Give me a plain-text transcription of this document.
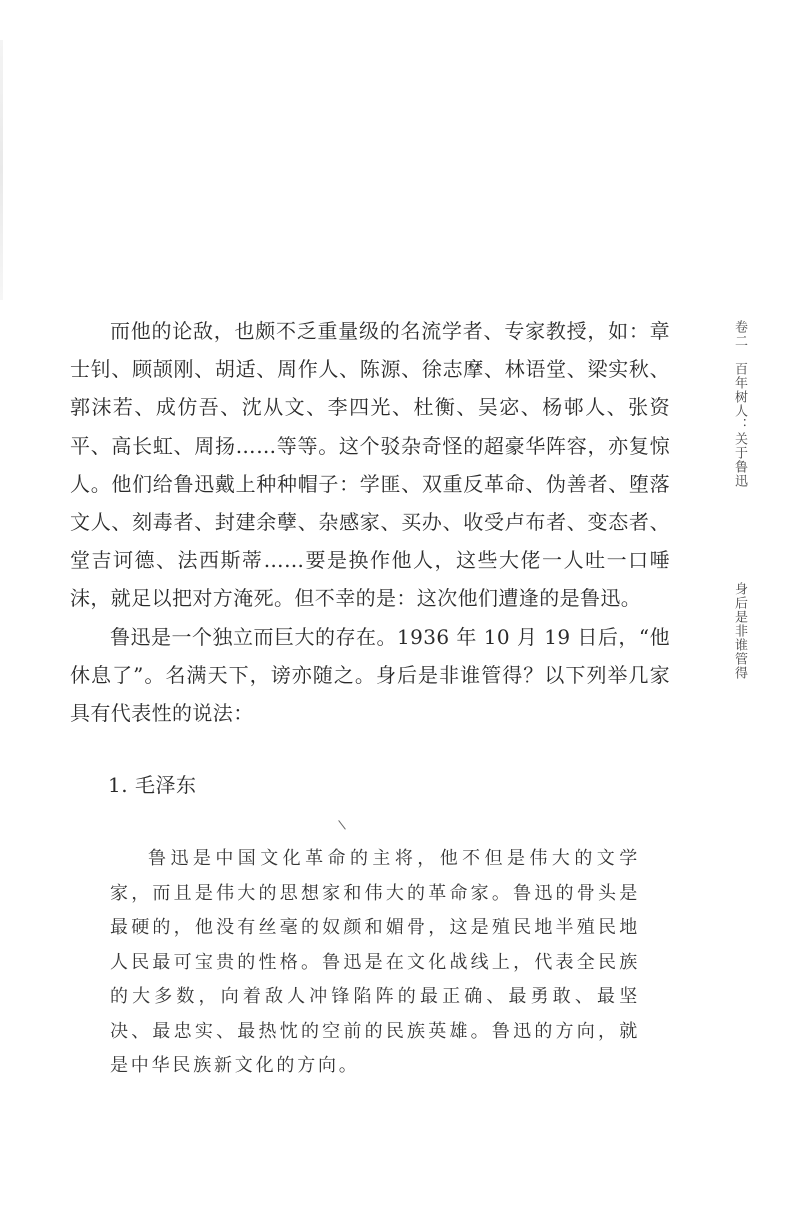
而他的论敌，也颇不乏重量级的名流学者、专家教授，如：章士钊、顾颉刚、胡适、周作人、陈源、徐志摩、林语堂、梁实秋、郭沫若、成仿吾、沈从文、李四光、杜衡、吴宓、杨邨人、张资平、高长虹、周扬……等等。这个驳杂奇怪的超豪华阵容，亦复惊人。他们给鲁迅戴上种种帽子：学匪、双重反革命、伪善者、堕落文人、刻毒者、封建余孽、杂感家、买办、收受卢布者、变态者、堂吉诃德、法西斯蒂……要是换作他人，这些大佬一人吐一口唾沫，就足以把对方淹死。但不幸的是：这次他们遭逢的是鲁迅。

鲁迅是一个独立而巨大的存在。1936 年 10 月 19 日后，“他休息了”。名满天下，谤亦随之。身后是非谁管得？以下列举几家具有代表性的说法：

1. 毛泽东
\

鲁迅是中国文化革命的主将，他不但是伟大的文学家，而且是伟大的思想家和伟大的革命家。鲁迅的骨头是最硬的，他没有丝毫的奴颜和媚骨，这是殖民地半殖民地人民最可宝贵的性格。鲁迅是在文化战线上，代表全民族的大多数，向着敌人冲锋陷阵的最正确、最勇敢、最坚决、最忠实、最热忱的空前的民族英雄。鲁迅的方向，就是中华民族新文化的方向。

卷二　百年树人：关于鲁迅
身后是非谁管得
